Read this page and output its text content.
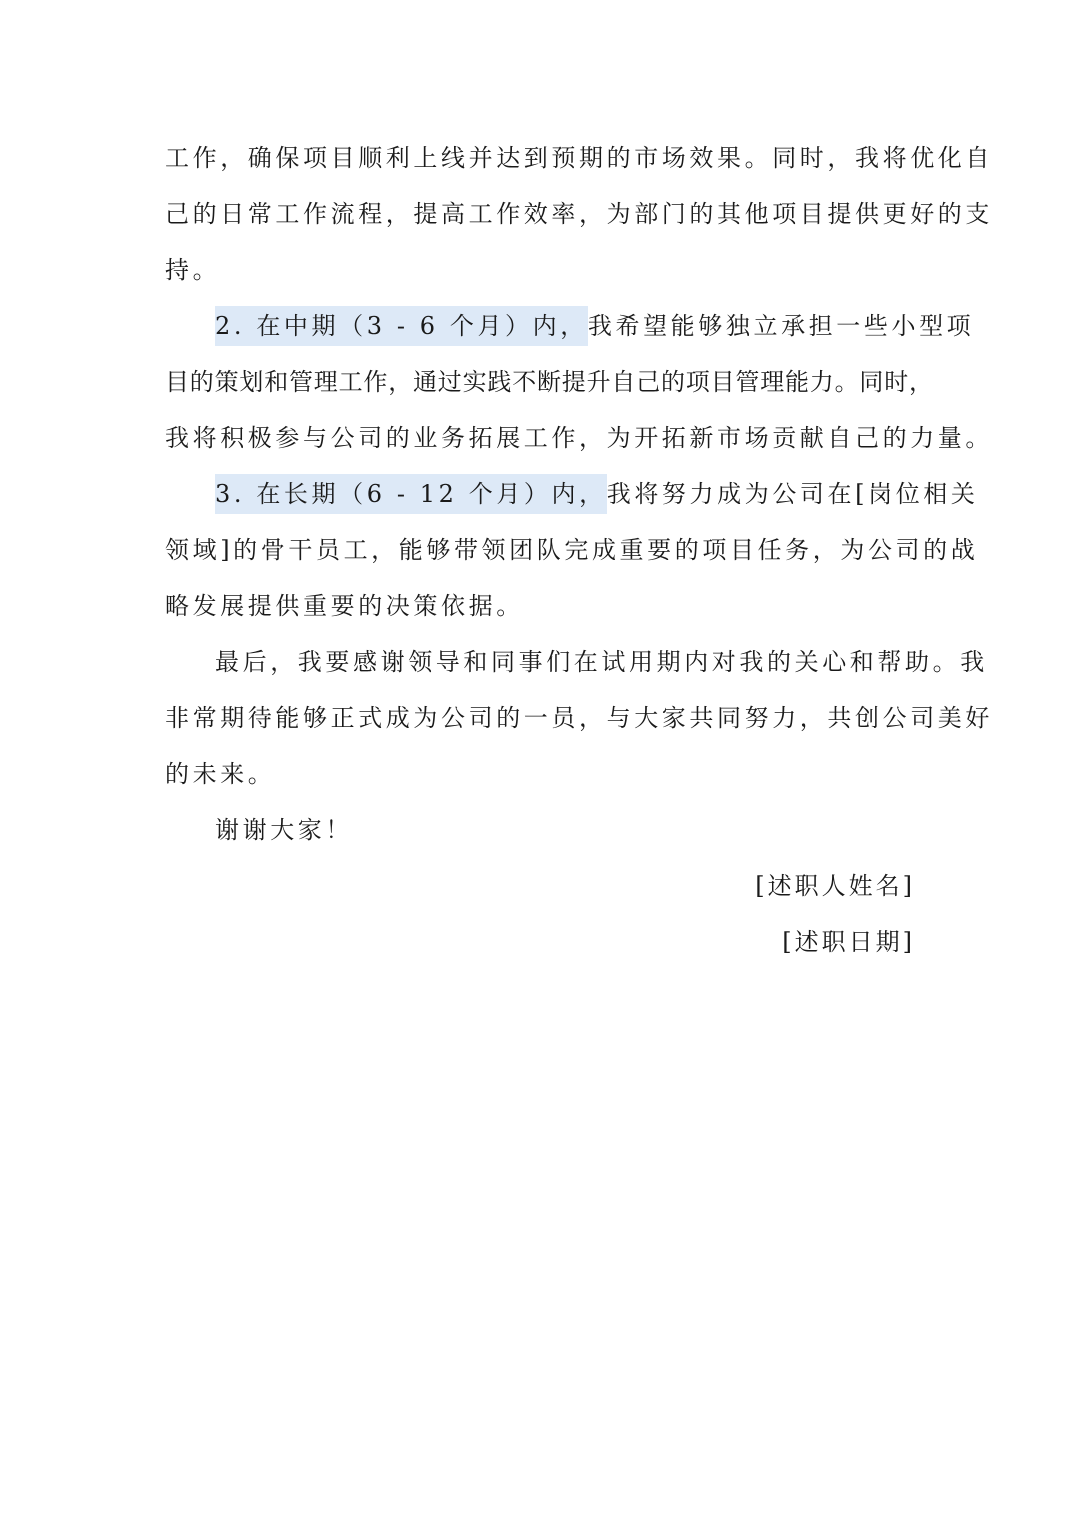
工作，确保项目顺利上线并达到预期的市场效果。同时，我将优化自
己的日常工作流程，提高工作效率，为部门的其他项目提供更好的支
持。
2. 在中期（3 - 6 个月）内，我希望能够独立承担一些小型项
目的策划和管理工作，通过实践不断提升自己的项目管理能力。同时，
我将积极参与公司的业务拓展工作，为开拓新市场贡献自己的力量。
3. 在长期（6 - 12 个月）内，我将努力成为公司在[岗位相关
领域]的骨干员工，能够带领团队完成重要的项目任务，为公司的战
略发展提供重要的决策依据。
最后，我要感谢领导和同事们在试用期内对我的关心和帮助。我
非常期待能够正式成为公司的一员，与大家共同努力，共创公司美好
的未来。
谢谢大家！
[述职人姓名]
[述职日期]
